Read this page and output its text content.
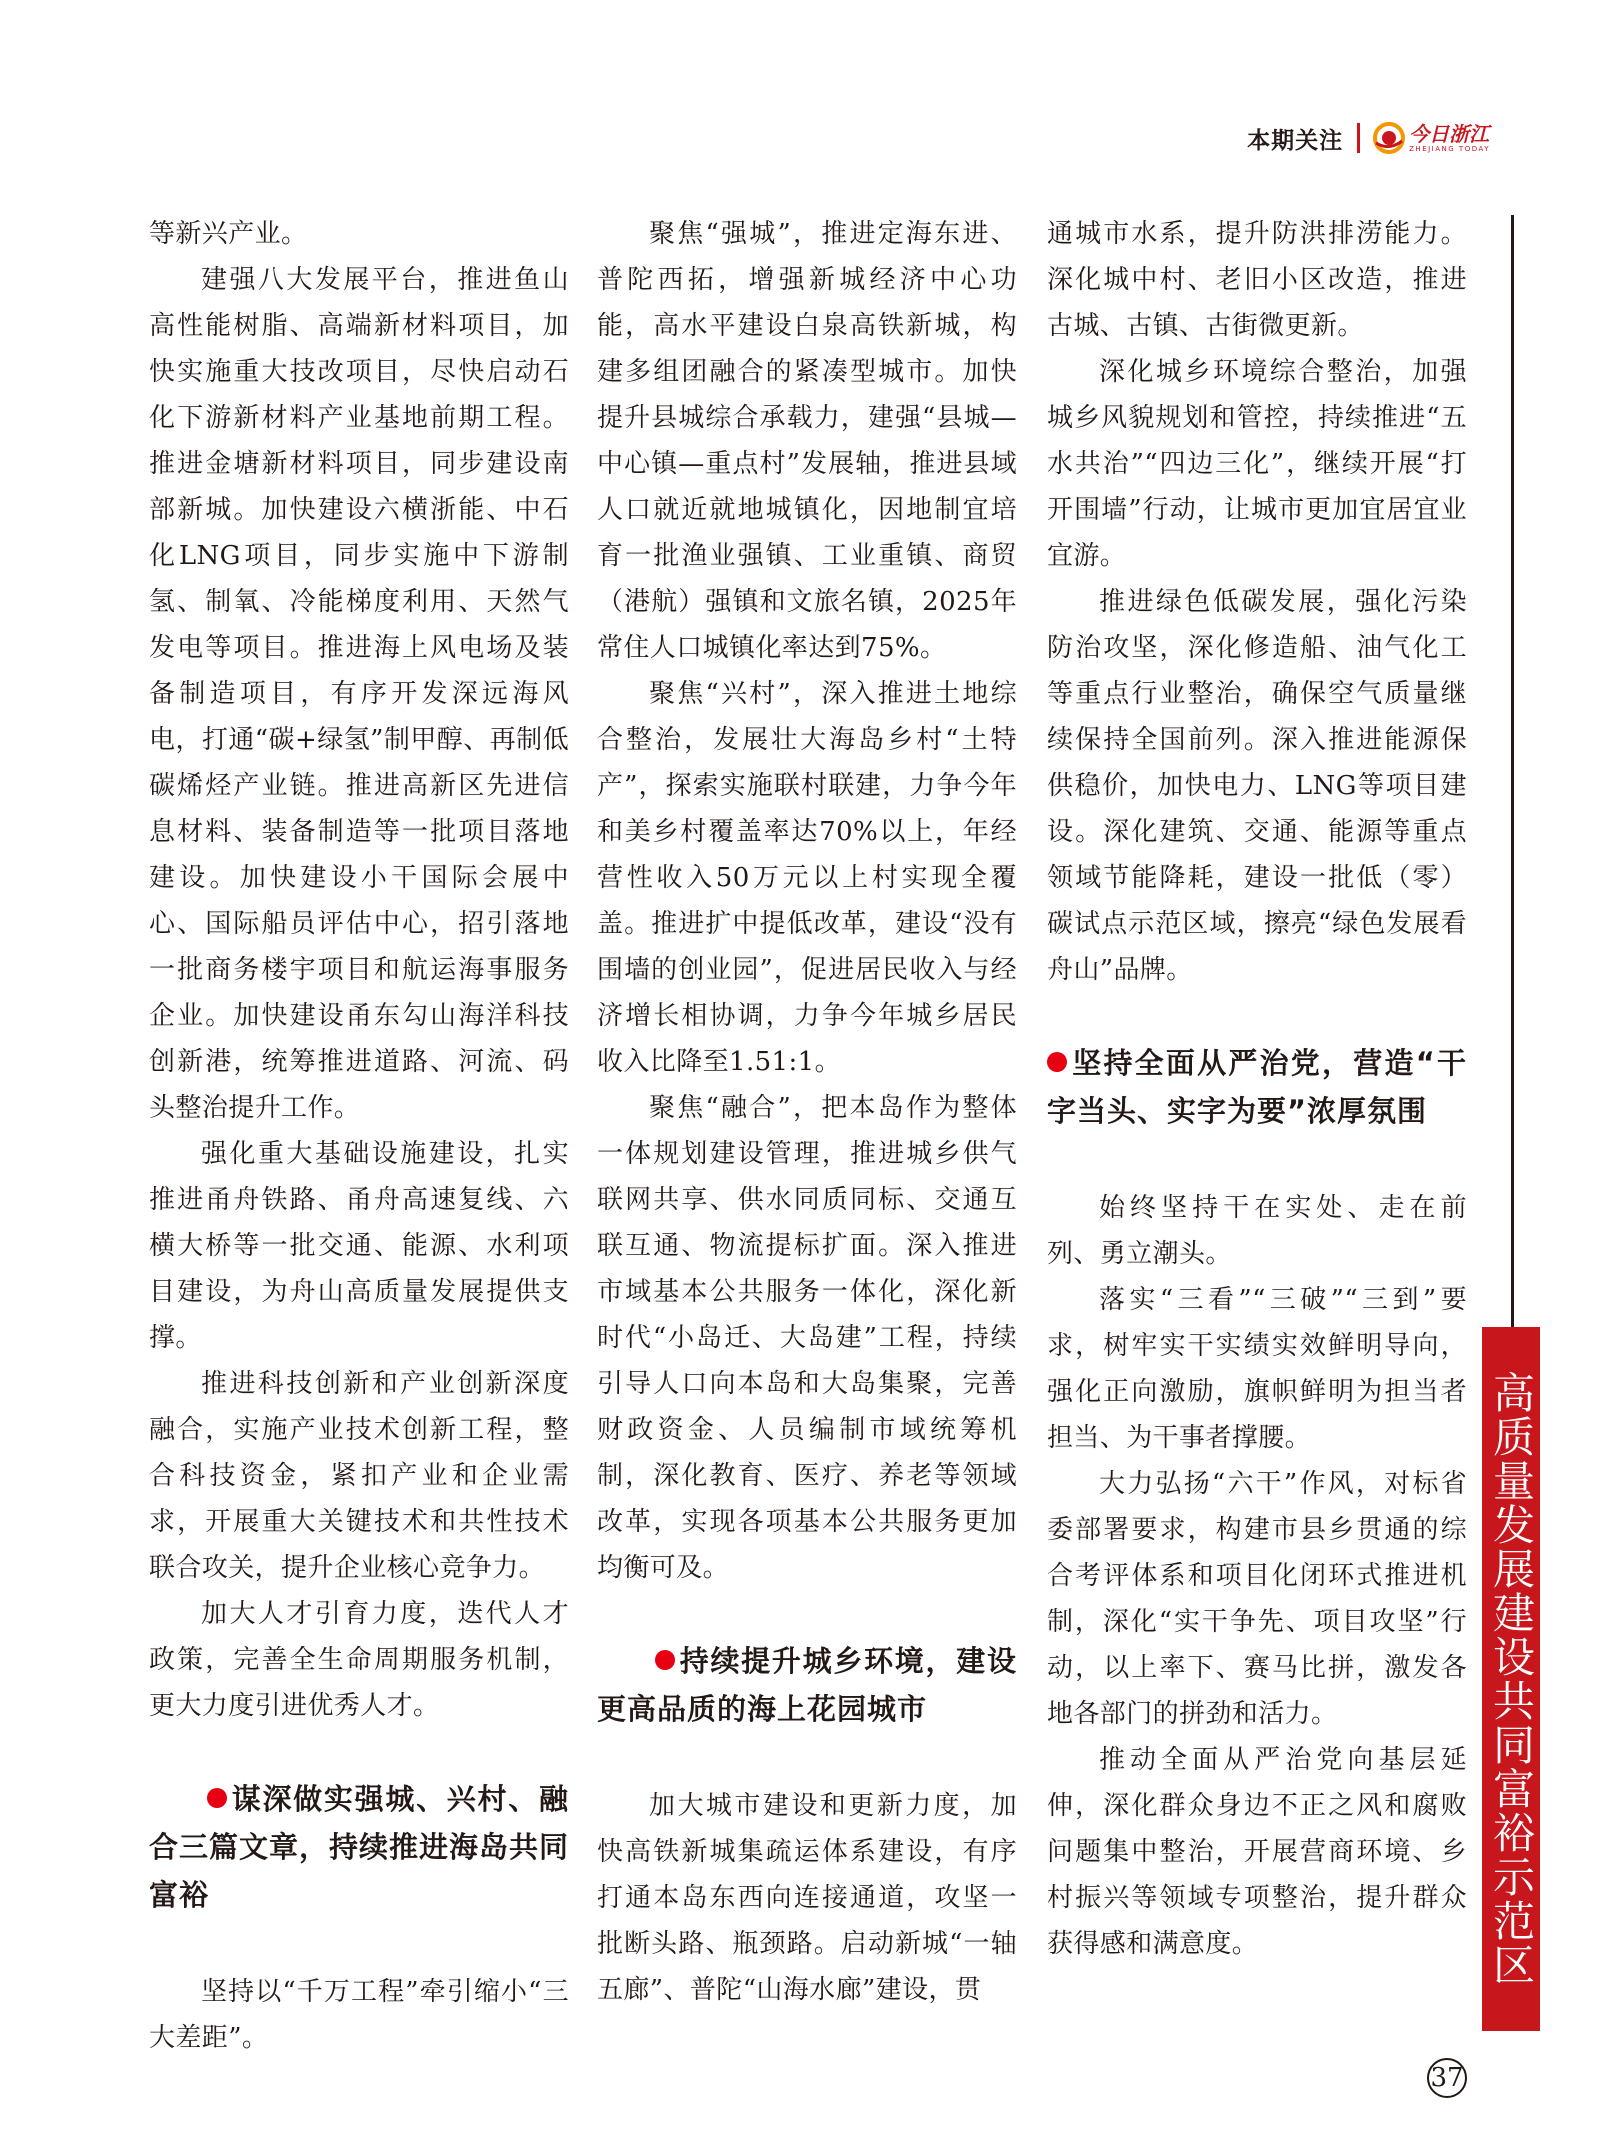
本期关注	今日浙江
ZHEJIANG TODAY

等新兴产业。

建强八大发展平台，推进鱼山高性能树脂、高端新材料项目，加快实施重大技改项目，尽快启动石化下游新材料产业基地前期工程。推进金塘新材料项目，同步建设南部新城。加快建设六横浙能、中石化LNG项目，同步实施中下游制氢、制氧、冷能梯度利用、天然气发电等项目。推进海上风电场及装备制造项目，有序开发深远海风电，打通“碳+绿氢”制甲醇、再制低碳烯烃产业链。推进高新区先进信息材料、装备制造等一批项目落地建设。加快建设小干国际会展中心、国际船员评估中心，招引落地一批商务楼宇项目和航运海事服务企业。加快建设甬东勾山海洋科技创新港，统筹推进道路、河流、码头整治提升工作。

强化重大基础设施建设，扎实推进甬舟铁路、甬舟高速复线、六横大桥等一批交通、能源、水利项目建设，为舟山高质量发展提供支撑。

推进科技创新和产业创新深度融合，实施产业技术创新工程，整合科技资金，紧扣产业和企业需求，开展重大关键技术和共性技术联合攻关，提升企业核心竞争力。

加大人才引育力度，迭代人才政策，完善全生命周期服务机制，更大力度引进优秀人才。

谋深做实强城、兴村、融合三篇文章，持续推进海岛共同富裕

坚持以“千万工程”牵引缩小“三大差距”。

聚焦“强城”，推进定海东进、普陀西拓，增强新城经济中心功能，高水平建设白泉高铁新城，构建多组团融合的紧凑型城市。加快提升县城综合承载力，建强“县城—中心镇—重点村”发展轴，推进县域人口就近就地城镇化，因地制宜培育一批渔业强镇、工业重镇、商贸（港航）强镇和文旅名镇，2025年常住人口城镇化率达到75%。

聚焦“兴村”，深入推进土地综合整治，发展壮大海岛乡村“土特产”，探索实施联村联建，力争今年和美乡村覆盖率达70%以上，年经营性收入50万元以上村实现全覆盖。推进扩中提低改革，建设“没有围墙的创业园”，促进居民收入与经济增长相协调，力争今年城乡居民收入比降至1.51:1。

聚焦“融合”，把本岛作为整体一体规划建设管理，推进城乡供气联网共享、供水同质同标、交通互联互通、物流提标扩面。深入推进市域基本公共服务一体化，深化新时代“小岛迁、大岛建”工程，持续引导人口向本岛和大岛集聚，完善财政资金、人员编制市域统筹机制，深化教育、医疗、养老等领域改革，实现各项基本公共服务更加均衡可及。

持续提升城乡环境，建设更高品质的海上花园城市

加大城市建设和更新力度，加快高铁新城集疏运体系建设，有序打通本岛东西向连接通道，攻坚一批断头路、瓶颈路。启动新城“一轴五廊”、普陀“山海水廊”建设，贯

通城市水系，提升防洪排涝能力。深化城中村、老旧小区改造，推进古城、古镇、古街微更新。

深化城乡环境综合整治，加强城乡风貌规划和管控，持续推进“五水共治”“四边三化”，继续开展“打开围墙”行动，让城市更加宜居宜业宜游。

推进绿色低碳发展，强化污染防治攻坚，深化修造船、油气化工等重点行业整治，确保空气质量继续保持全国前列。深入推进能源保供稳价，加快电力、LNG等项目建设。深化建筑、交通、能源等重点领域节能降耗，建设一批低（零）碳试点示范区域，擦亮“绿色发展看舟山”品牌。

坚持全面从严治党，营造“干字当头、实字为要”浓厚氛围

始终坚持干在实处、走在前列、勇立潮头。

落实“三看”“三破”“三到”要求，树牢实干实绩实效鲜明导向，强化正向激励，旗帜鲜明为担当者担当、为干事者撑腰。

大力弘扬“六干”作风，对标省委部署要求，构建市县乡贯通的综合考评体系和项目化闭环式推进机制，深化“实干争先、项目攻坚”行动，以上率下、赛马比拼，激发各地各部门的拼劲和活力。

推动全面从严治党向基层延伸，深化群众身边不正之风和腐败问题集中整治，开展营商环境、乡村振兴等领域专项整治，提升群众获得感和满意度。	高质量发展建设共同富裕示范区
37
